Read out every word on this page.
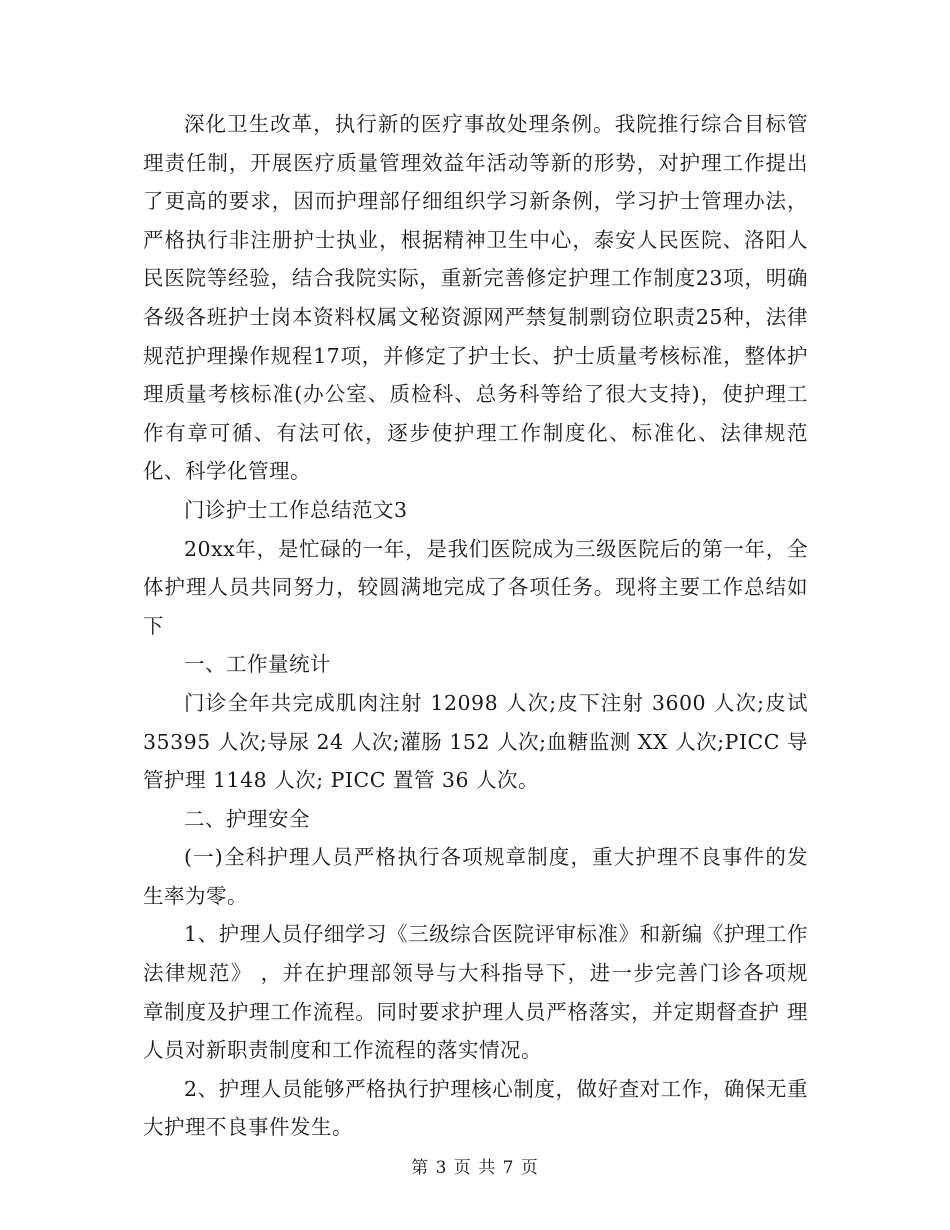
深化卫生改革，执行新的医疗事故处理条例。我院推行综合目标管理责任制，开展医疗质量管理效益年活动等新的形势，对护理工作提出了更高的要求，因而护理部仔细组织学习新条例，学习护士管理办法，严格执行非注册护士执业，根据精神卫生中心，泰安人民医院、洛阳人民医院等经验，结合我院实际，重新完善修定护理工作制度23项，明确各级各班护士岗本资料权属文秘资源网严禁复制剽窃位职责25种，法律规范护理操作规程17项，并修定了护士长、护士质量考核标准，整体护理质量考核标准(办公室、质检科、总务科等给了很大支持)，使护理工作有章可循、有法可依，逐步使护理工作制度化、标准化、法律规范化、科学化管理。

门诊护士工作总结范文3

20xx年，是忙碌的一年，是我们医院成为三级医院后的第一年，全体护理人员共同努力，较圆满地完成了各项任务。现将主要工作总结如下

一、工作量统计

门诊全年共完成肌肉注射 12098 人次;皮下注射 3600 人次;皮试 35395 人次;导尿 24 人次;灌肠 152 人次;血糖监测 XX 人次;PICC 导管护理 1148 人次; PICC 置管 36 人次。

二、护理安全

(一)全科护理人员严格执行各项规章制度，重大护理不良事件的发生率为零。

1、护理人员仔细学习《三级综合医院评审标准》和新编《护理工作法律规范》 ，并在护理部领导与大科指导下，进一步完善门诊各项规 章制度及护理工作流程。同时要求护理人员严格落实，并定期督查护 理人员对新职责制度和工作流程的落实情况。

2、护理人员能够严格执行护理核心制度，做好查对工作，确保无重大护理不良事件发生。

第 3 页 共 7 页
